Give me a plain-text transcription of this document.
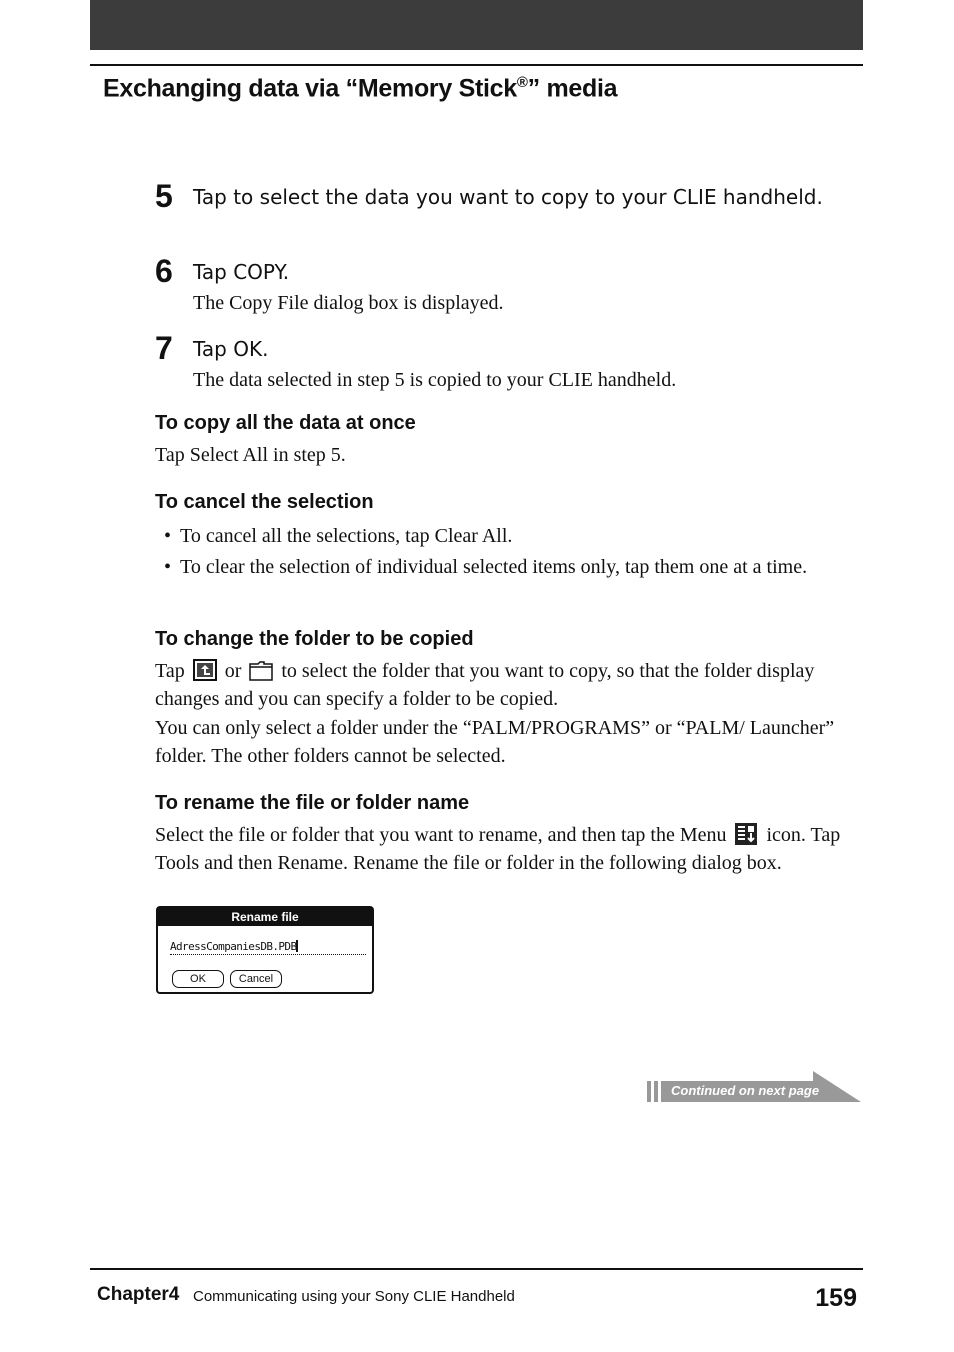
Exchanging data via “Memory Stick®” media
5 Tap to select the data you want to copy to your CLIE handheld.
6 Tap COPY.
The Copy File dialog box is displayed.
7 Tap OK.
The data selected in step 5 is copied to your CLIE handheld.
To copy all the data at once

Tap Select All in step 5.

To cancel the selection
• To cancel all the selections, tap Clear All.
• To clear the selection of individual selected items only, tap them one at a time.
To change the folder to be copied

Tap or to select the folder that you want to copy, so that the folder display changes and you can specify a folder to be copied.

You can only select a folder under the “PALM/PROGRAMS” or “PALM/ Launcher” folder. The other folders cannot be selected.

To rename the file or folder name

Select the file or folder that you want to rename, and then tap the Menu icon. Tap Tools and then Rename. Rename the file or folder in the following dialog box.

Rename file
AdressCompaniesDB.PDB
OK	Cancel
Continued on next page
Chapter4 Communicating using your Sony CLIE Handheld	159
